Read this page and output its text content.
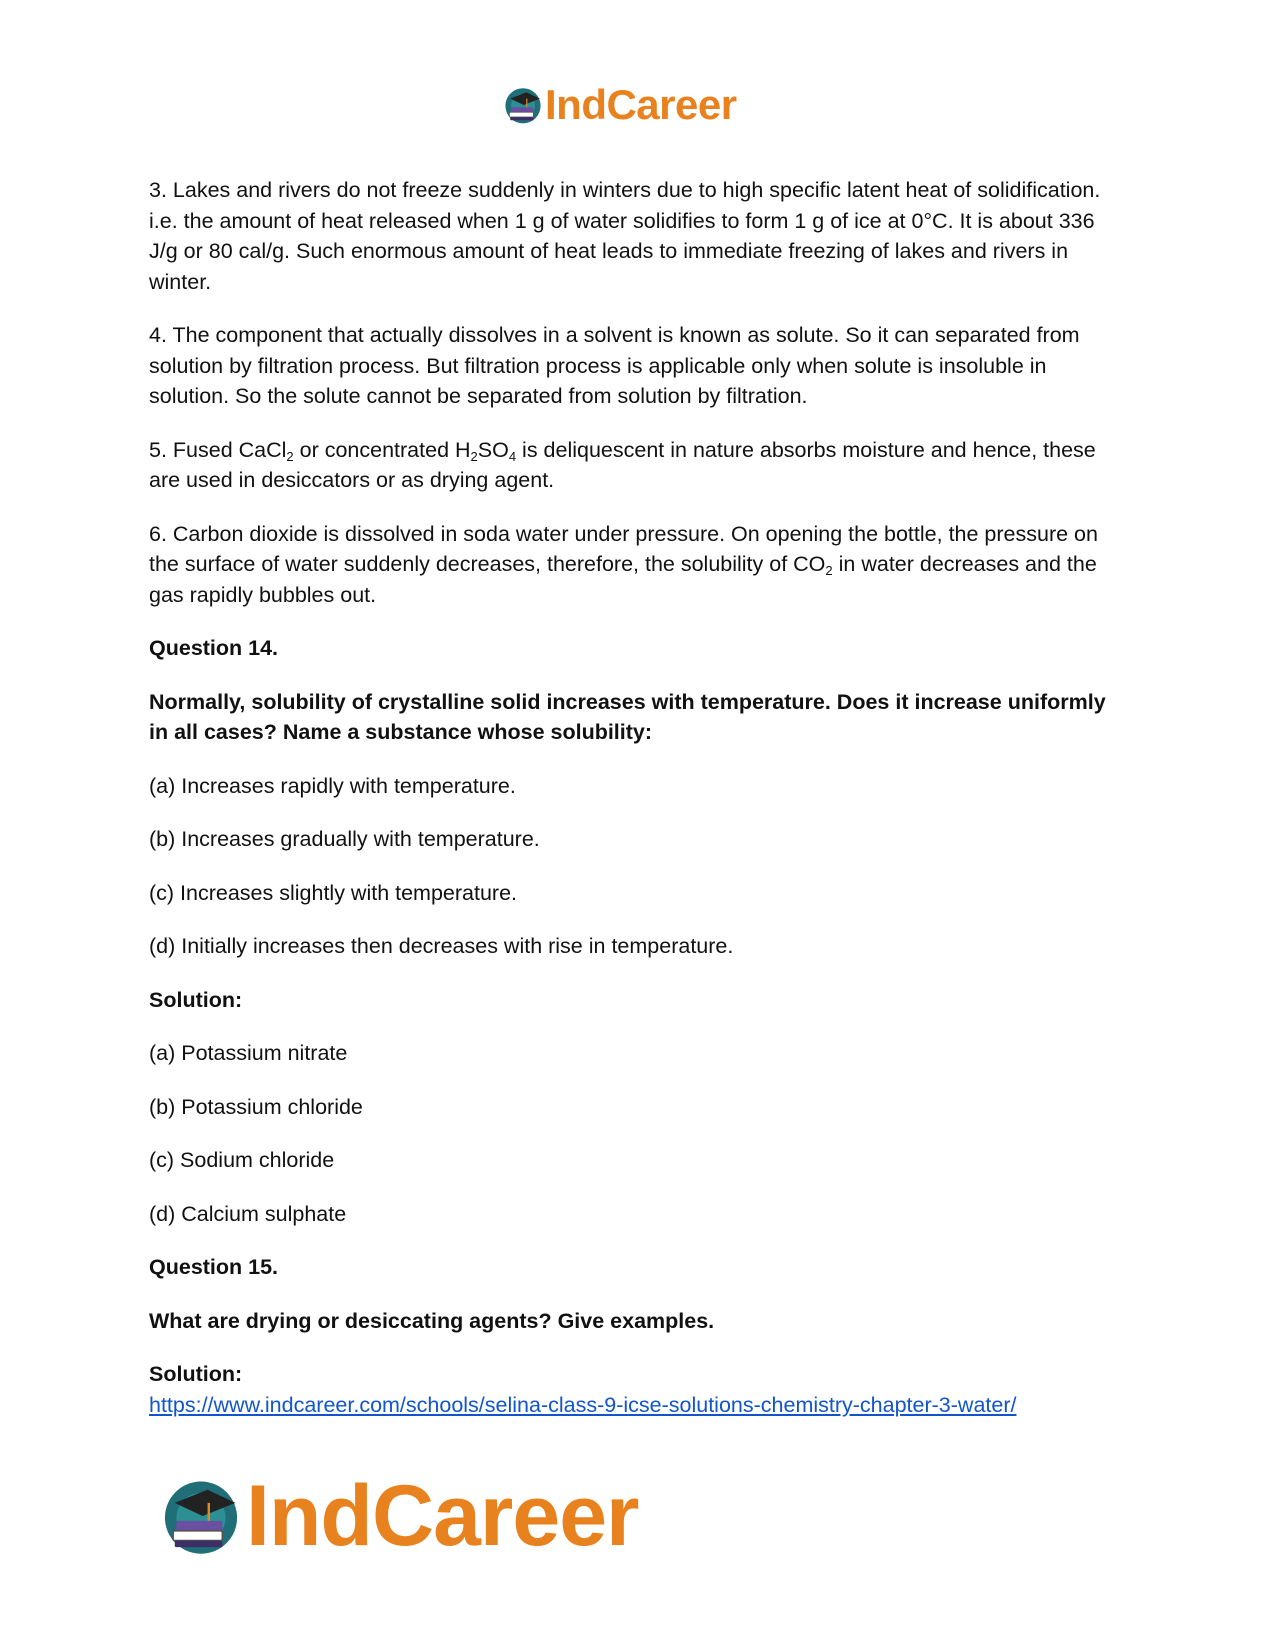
IndCareer

3. Lakes and rivers do not freeze suddenly in winters due to high specific latent heat of solidification. i.e. the amount of heat released when 1 g of water solidifies to form 1 g of ice at 0°C. It is about 336 J/g or 80 cal/g. Such enormous amount of heat leads to immediate freezing of lakes and rivers in winter.

4. The component that actually dissolves in a solvent is known as solute. So it can separated from solution by filtration process. But filtration process is applicable only when solute is insoluble in solution. So the solute cannot be separated from solution by filtration.

5. Fused CaCl$_2$ or concentrated $H_2SO_4$ is deliquescent in nature absorbs moisture and hence, these are used in desiccators or as drying agent.

6. Carbon dioxide is dissolved in soda water under pressure. On opening the bottle, the pressure on the surface of water suddenly decreases, therefore, the solubility of $CO_2$ in water decreases and the gas rapidly bubbles out.

Question 14.

Normally, solubility of crystalline solid increases with temperature. Does it increase uniformly in all cases? Name a substance whose solubility:

(a) Increases rapidly with temperature.

(b) Increases gradually with temperature.

(c) Increases slightly with temperature.

(d) Initially increases then decreases with rise in temperature.

Solution:

(a) Potassium nitrate

(b) Potassium chloride

(c) Sodium chloride

(d) Calcium sulphate

Question 15.

What are drying or desiccating agents? Give examples.

Solution:

https://www.indcareer.com/schools/selina-class-9-icse-solutions-chemistry-chapter-3-water/

IndCareer
